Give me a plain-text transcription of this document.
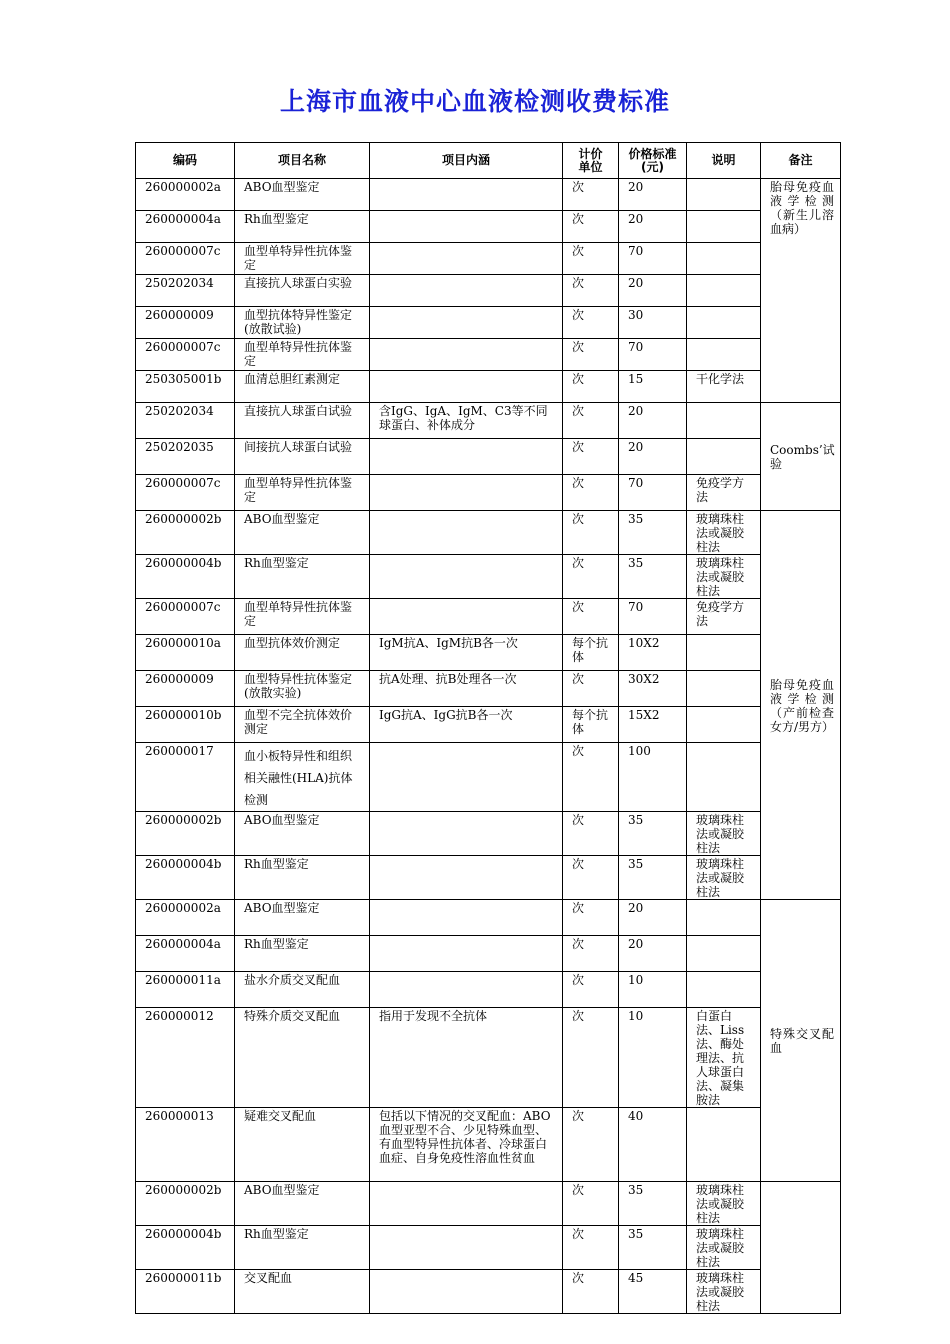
上海市血液中心血液检测收费标准
编码	项目名称	项目内涵	计价单位	价格标准(元)	说明	备注
260000002a	ABO血型鉴定		次	20		胎母免疫血液学检测（新生儿溶血病）
260000004a	Rh血型鉴定		次	20		
260000007c	血型单特异性抗体鉴定		次	70		
250202034	直接抗人球蛋白实验		次	20		
260000009	血型抗体特异性鉴定(放散试验)		次	30		
260000007c	血型单特异性抗体鉴定		次	70		
250305001b	血清总胆红素测定		次	15	干化学法	
250202034	直接抗人球蛋白试验	含IgG、IgA、IgM、C3等不同球蛋白、补体成分	次	20		Coombs’试验
250202035	间接抗人球蛋白试验		次	20		
260000007c	血型单特异性抗体鉴定		次	70	免疫学方法	
260000002b	ABO血型鉴定		次	35	玻璃珠柱法或凝胶柱法	胎母免疫血液学检测（产前检查女方/男方）
260000004b	Rh血型鉴定		次	35	玻璃珠柱法或凝胶柱法	
260000007c	血型单特异性抗体鉴定		次	70	免疫学方法	
260000010a	血型抗体效价测定	IgM抗A、IgM抗B各一次	每个抗体	10X2		
260000009	血型特异性抗体鉴定(放散实验)	抗A处理、抗B处理各一次	次	30X2		
260000010b	血型不完全抗体效价测定	IgG抗A、IgG抗B各一次	每个抗体	15X2		
260000017	血小板特异性和组织相关融性(HLA)抗体检测		次	100		
260000002b	ABO血型鉴定		次	35	玻璃珠柱法或凝胶柱法	
260000004b	Rh血型鉴定		次	35	玻璃珠柱法或凝胶柱法	
260000002a	ABO血型鉴定		次	20		特殊交叉配血
260000004a	Rh血型鉴定		次	20		
260000011a	盐水介质交叉配血		次	10		
260000012	特殊介质交叉配血	指用于发现不全抗体	次	10	白蛋白法、Liss法、酶处理法、抗人球蛋白法、凝集胺法	
260000013	疑难交叉配血	包括以下情况的交叉配血：ABO血型亚型不合、少见特殊血型、有血型特异性抗体者、冷球蛋白血症、自身免疫性溶血性贫血	次	40		
260000002b	ABO血型鉴定		次	35	玻璃珠柱法或凝胶柱法	
260000004b	Rh血型鉴定		次	35	玻璃珠柱法或凝胶柱法	
260000011b	交叉配血		次	45	玻璃珠柱法或凝胶柱法	
